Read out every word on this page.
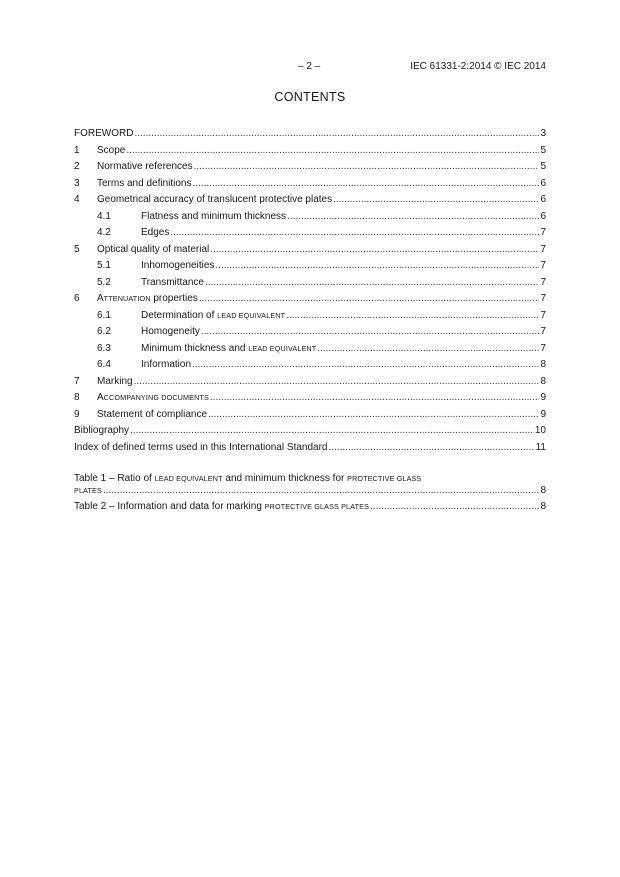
– 2 –	IEC 61331-2:2014 © IEC 2014
CONTENTS
FOREWORD .....	3
1 Scope .....	5
2 Normative references .....	5
3 Terms and definitions .....	6
4 Geometrical accuracy of translucent protective plates .....	6
4.1	Flatness and minimum thickness .....	6
4.2	Edges .....	7
5 Optical quality of material .....	7
5.1	Inhomogeneities .....	7
5.2	Transmittance .....	7
6 ATTENUATION properties .....	7
6.1	Determination of LEAD EQUIVALENT .....	7
6.2	Homogeneity .....	7
6.3	Minimum thickness and LEAD EQUIVALENT .....	7
6.4	Information .....	8
7 Marking .....	8
8 ACCOMPANYING DOCUMENTS .....	9
9 Statement of compliance .....	9
Bibliography .....	10
Index of defined terms used in this International Standard .....	11
Table 1 – Ratio of LEAD EQUIVALENT and minimum thickness for PROTECTIVE GLASS
PLATES .....	8
Table 2 – Information and data for marking PROTECTIVE GLASS PLATES .....	8
